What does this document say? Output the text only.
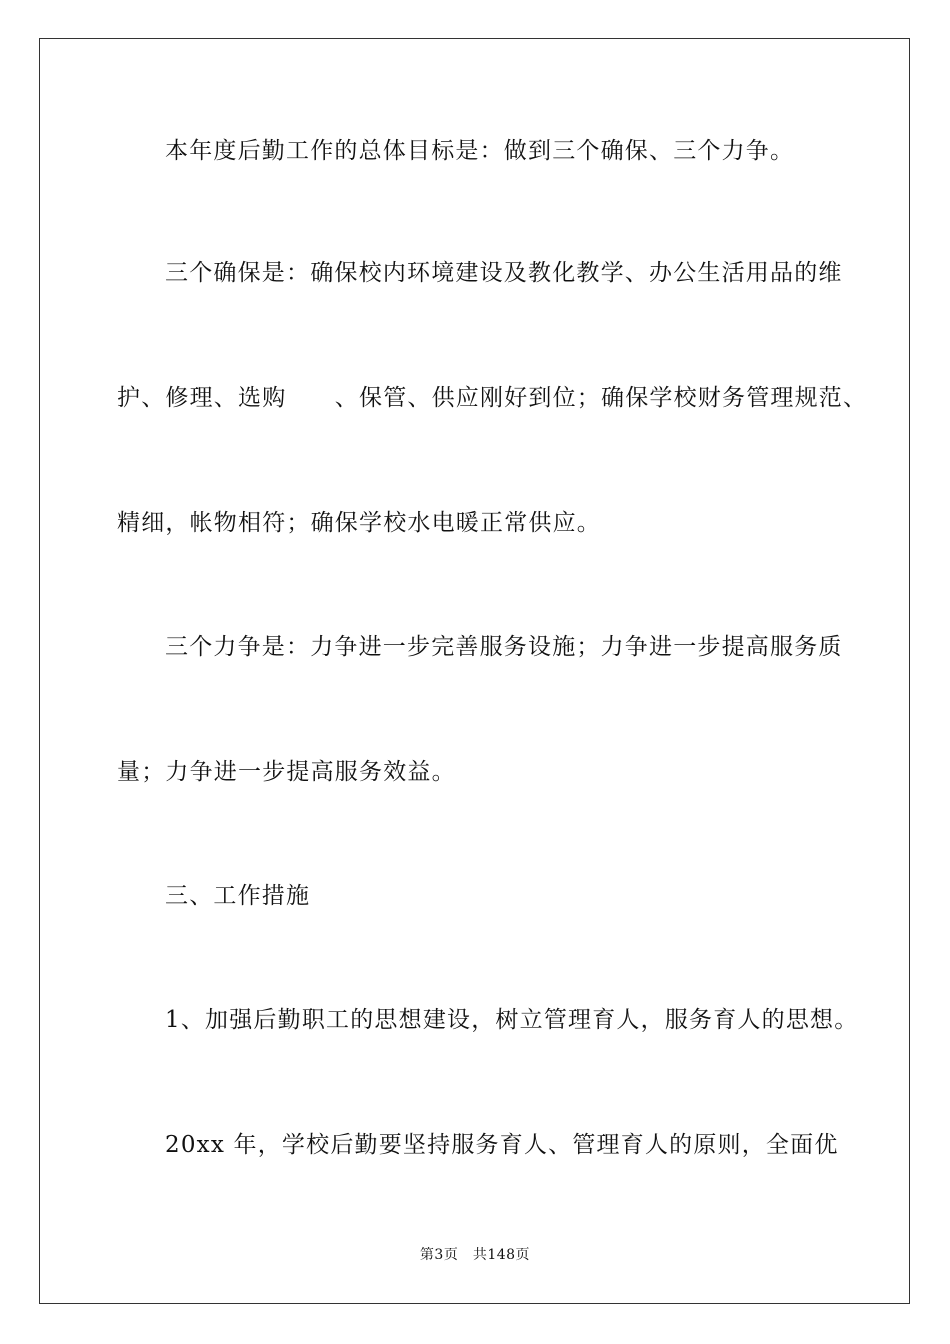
本年度后勤工作的总体目标是：做到三个确保、三个力争。
三个确保是：确保校内环境建设及教化教学、办公生活用品的维
护、修理、选购　　、保管、供应刚好到位；确保学校财务管理规范、
精细，帐物相符；确保学校水电暖正常供应。
三个力争是：力争进一步完善服务设施；力争进一步提高服务质
量；力争进一步提高服务效益。
三、工作措施
1、加强后勤职工的思想建设，树立管理育人，服务育人的思想。
20xx 年，学校后勤要坚持服务育人、管理育人的原则，全面优
第3页　共148页
